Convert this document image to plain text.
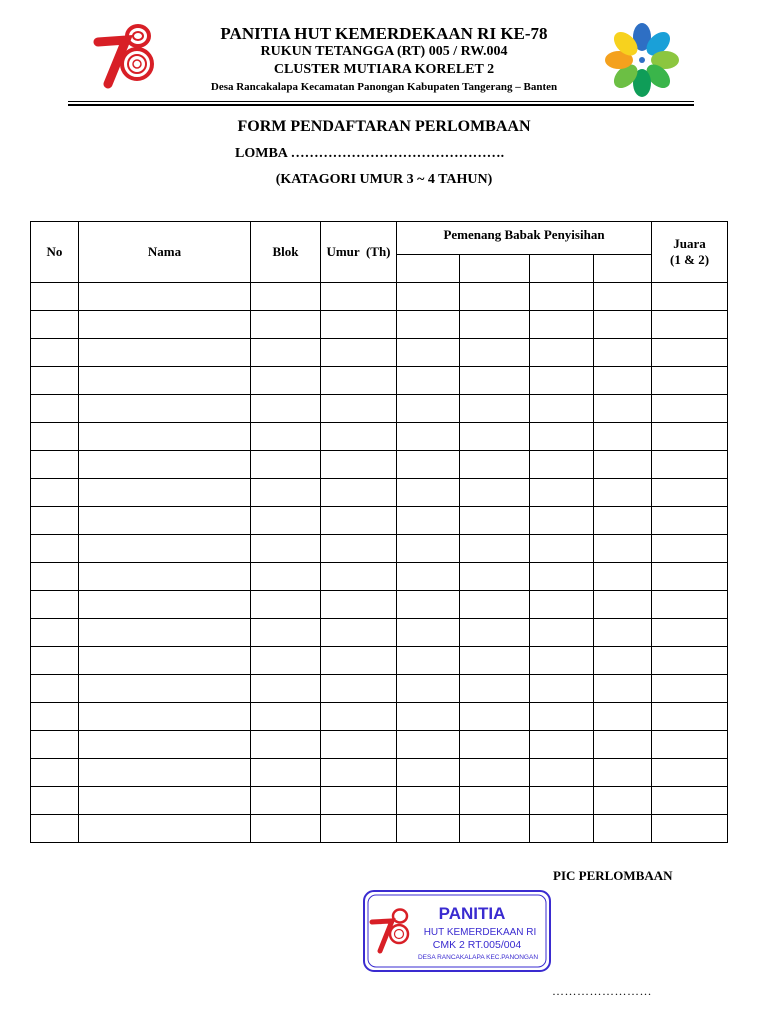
PANITIA HUT KEMERDEKAAN RI KE-78
RUKUN TETANGGA (RT) 005 / RW.004
CLUSTER MUTIARA KORELET 2
Desa Rancakalapa Kecamatan Panongan Kabupaten Tangerang – Banten
FORM PENDAFTARAN PERLOMBAAN
LOMBA ……………………………………….
(KATAGORI UMUR 3 ~ 4 TAHUN)
No	Nama	Blok	Umur  (Th)	Pemenang Babak Penyisihan				Juara
(1 & 2)

PIC PERLOMBAAN
PANITIA
HUT KEMERDEKAAN RI
CMK 2 RT.005/004
DESA RANCAKALAPA KEC.PANONGAN
……………………
